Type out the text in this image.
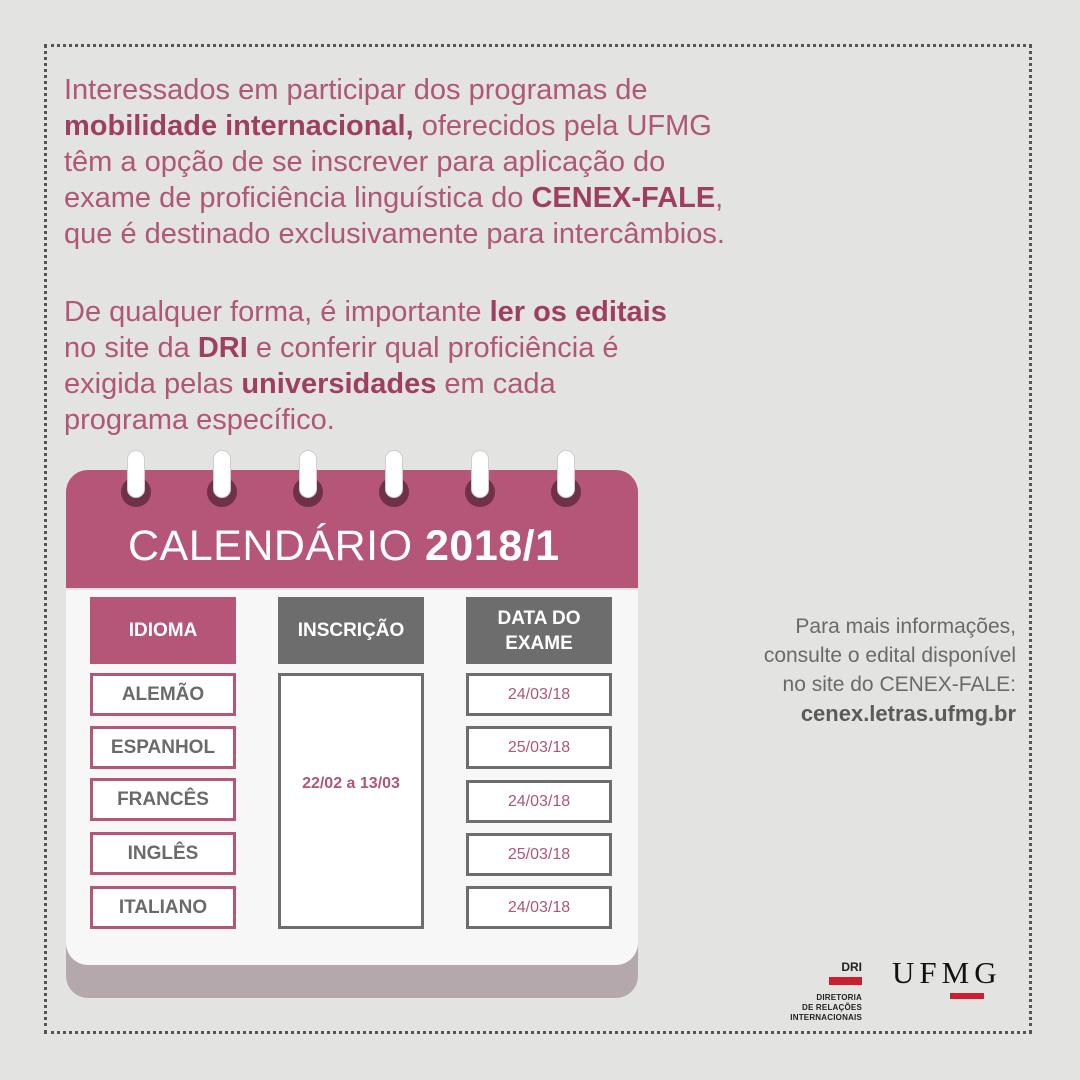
Interessados em participar dos programas de
mobilidade internacional, oferecidos pela UFMG
têm a opção de se inscrever para aplicação do
exame de proficiência linguística do CENEX-FALE,
que é destinado exclusivamente para intercâmbios.

De qualquer forma, é importante ler os editais
no site da DRI e conferir qual proficiência é
exigida pelas universidades em cada
programa específico.

CALENDÁRIO 2018/1
IDIOMA	INSCRIÇÃO
DATA DO
EXAME
ALEMÃO
ESPANHOL
FRANCÊS
INGLÊS
ITALIANO
22/02 a 13/03
24/03/18
25/03/18
24/03/18
25/03/18
24/03/18
Para mais informações,
consulte o edital disponível
no site do CENEX-FALE:
cenex.letras.ufmg.br
DRI
DIRETORIA
DE RELAÇÕES
INTERNACIONAIS
UFMG
